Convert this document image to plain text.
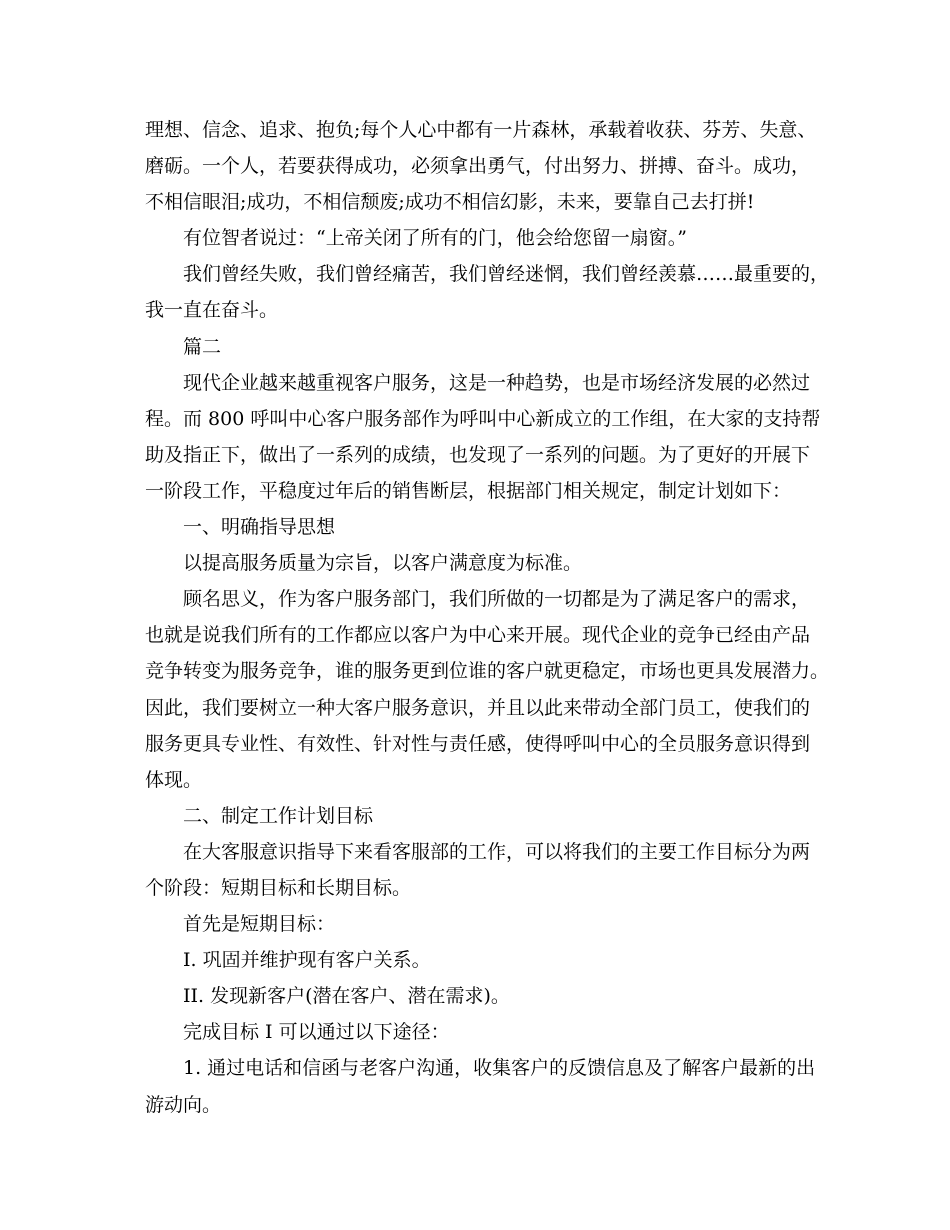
理想、信念、追求、抱负;每个人心中都有一片森林，承载着收获、芬芳、失意、

磨砺。一个人，若要获得成功，必须拿出勇气，付出努力、拼搏、奋斗。成功，

不相信眼泪;成功，不相信颓废;成功不相信幻影，未来，要靠自己去打拼!

有位智者说过：“上帝关闭了所有的门，他会给您留一扇窗。”

我们曾经失败，我们曾经痛苦，我们曾经迷惘，我们曾经羡慕……最重要的，

我一直在奋斗。

篇二

现代企业越来越重视客户服务，这是一种趋势，也是市场经济发展的必然过

程。而 800 呼叫中心客户服务部作为呼叫中心新成立的工作组，在大家的支持帮

助及指正下，做出了一系列的成绩，也发现了一系列的问题。为了更好的开展下

一阶段工作，平稳度过年后的销售断层，根据部门相关规定，制定计划如下：

一、明确指导思想

以提高服务质量为宗旨，以客户满意度为标准。

顾名思义，作为客户服务部门，我们所做的一切都是为了满足客户的需求，

也就是说我们所有的工作都应以客户为中心来开展。现代企业的竞争已经由产品

竞争转变为服务竞争，谁的服务更到位谁的客户就更稳定，市场也更具发展潜力。

因此，我们要树立一种大客户服务意识，并且以此来带动全部门员工，使我们的

服务更具专业性、有效性、针对性与责任感，使得呼叫中心的全员服务意识得到

体现。

二、制定工作计划目标

在大客服意识指导下来看客服部的工作，可以将我们的主要工作目标分为两

个阶段：短期目标和长期目标。

首先是短期目标：

I. 巩固并维护现有客户关系。

II. 发现新客户(潜在客户、潜在需求)。

完成目标 I 可以通过以下途径：

1. 通过电话和信函与老客户沟通，收集客户的反馈信息及了解客户最新的出

游动向。
